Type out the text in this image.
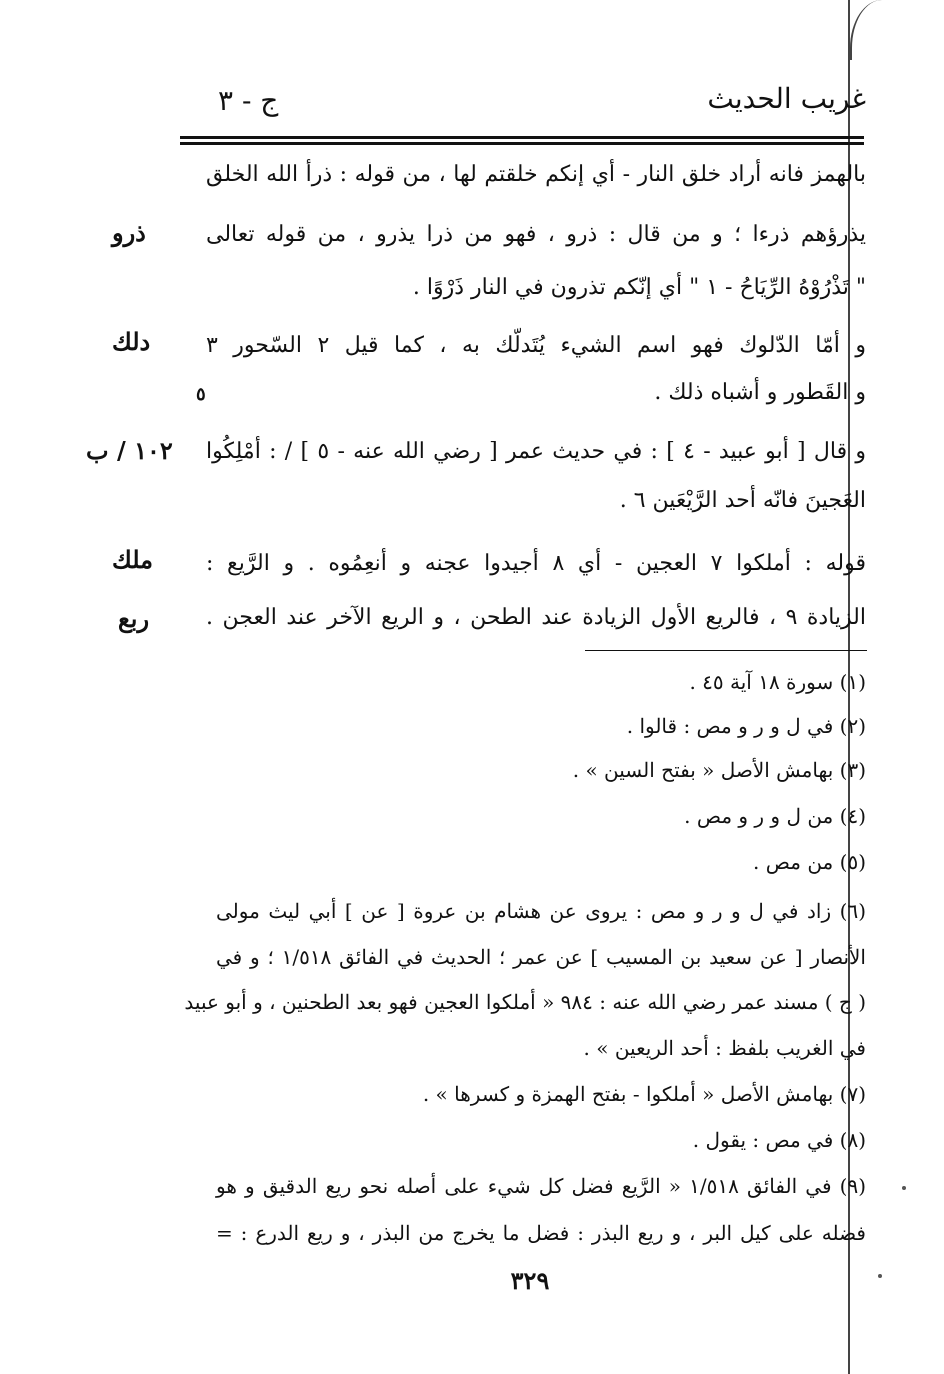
غريب الحديث
ج - ٣
بالهمز فانه أراد خلق النار - أي إنكم خلقتم لها ، من قوله : ذرأ الله الخلق
يذرؤهم ذرءا ؛ و من قال : ذرو ، فهو من ذرا يذرو ، من قوله تعالى
" تَذْرُوْهُ الرِّيَاحُ - ١ " أي إنّكم تذرون في النار ذَرْوًا .
و أمّا الدّلوك فهو اسم الشيء يُتَدلّك به ، كما قيل ٢ السّحور ٣
و القَطور و أشباه ذلك .
و قال [ أبو عبيد - ٤ ] : في حديث عمر [ رضي الله عنه - ٥ ] / : أمْلِكُوا
العَجينَ فانّه أحد الرَّيْعَين ٦ .
قوله : أملكوا ٧ العجين - أي ٨ أجيدوا عجنه و أنعِمُوه . و الرَّيع :
الزيادة ٩ ، فالريع الأول الزيادة عند الطحن ، و الريع الآخر عند العجن .
ذرو
دلك
١٠٢ / ب
ملك
ربع
٥
(١) سورة ١٨ آية ٤٥ .
(٢) في ل و ر و مص : قالوا .
(٣) بهامش الأصل « بفتح السين » .
(٤) من ل و ر و مص .
(٥) من مص .
(٦) زاد في ل و ر و مص : يروى عن هشام بن عروة [ عن ] أبي ليث مولى
الأنصار [ عن سعيد بن المسيب ] عن عمر ؛ الحديث في الفائق ١/٥١٨ ؛ و في
( ج ) مسند عمر رضي الله عنه : ٩٨٤ « أملكوا العجين فهو بعد الطحنين ، و أبو عبيد
في الغريب بلفظ : أحد الريعين » .
(٧) بهامش الأصل « أملكوا - بفتح الهمزة و كسرها » .
(٨) في مص : يقول .
(٩) في الفائق ١/٥١٨ « الرَّيع فضل كل شيء على أصله نحو ريع الدقيق و هو
فضله على كيل البر ، و ريع البذر : فضل ما يخرج من البذر ، و ريع الدرع : =
٣٢٩
